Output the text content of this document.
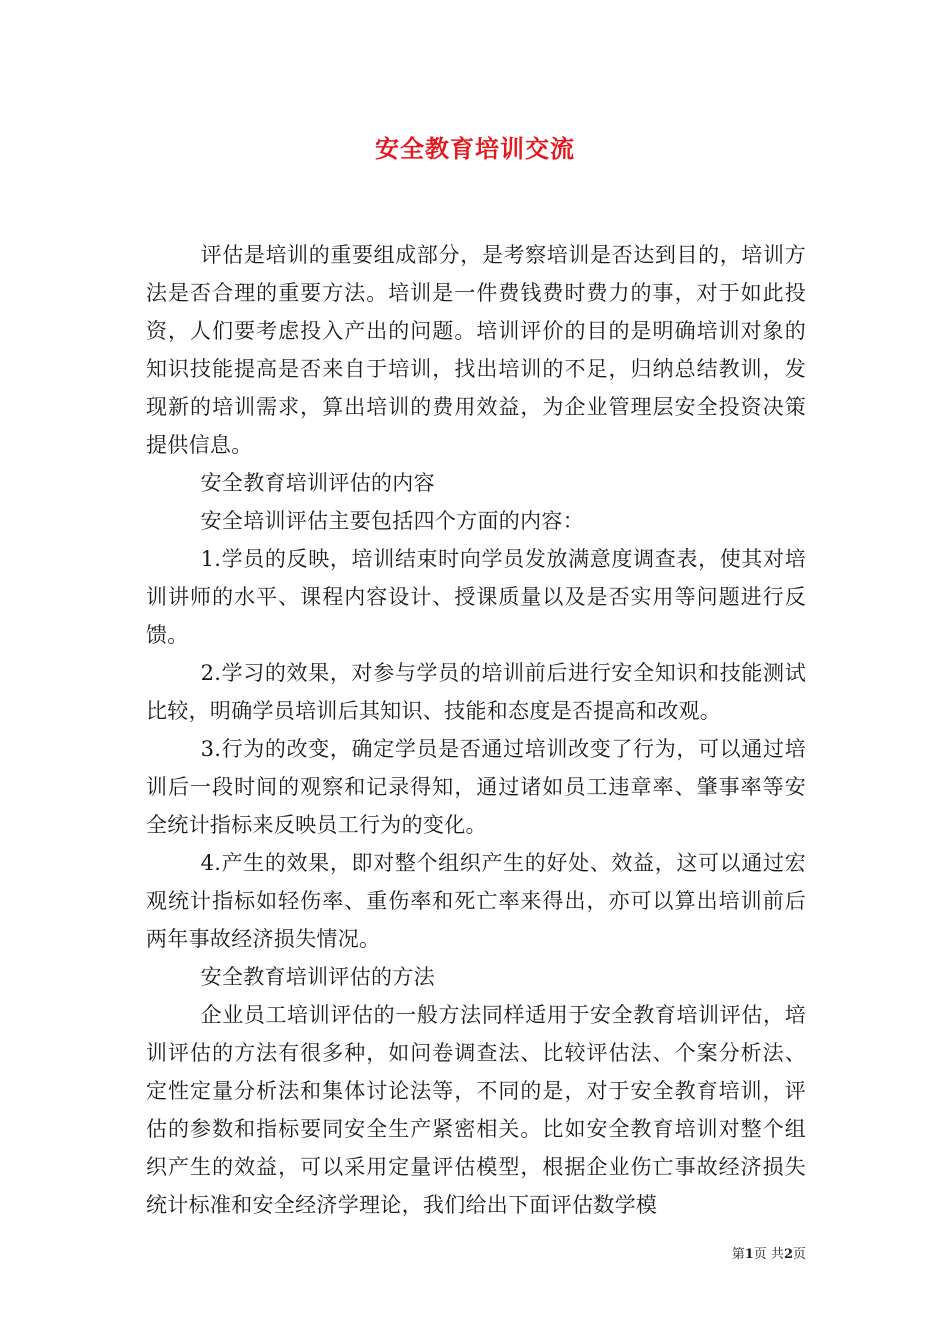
安全教育培训交流

评估是培训的重要组成部分，是考察培训是否达到目的，培训方法是否合理的重要方法。培训是一件费钱费时费力的事，对于如此投资，人们要考虑投入产出的问题。培训评价的目的是明确培训对象的知识技能提高是否来自于培训，找出培训的不足，归纳总结教训，发现新的培训需求，算出培训的费用效益，为企业管理层安全投资决策提供信息。

安全教育培训评估的内容

安全培训评估主要包括四个方面的内容：

1.学员的反映，培训结束时向学员发放满意度调查表，使其对培训讲师的水平、课程内容设计、授课质量以及是否实用等问题进行反馈。

2.学习的效果，对参与学员的培训前后进行安全知识和技能测试比较，明确学员培训后其知识、技能和态度是否提高和改观。

3.行为的改变，确定学员是否通过培训改变了行为，可以通过培训后一段时间的观察和记录得知，通过诸如员工违章率、肇事率等安全统计指标来反映员工行为的变化。

4.产生的效果，即对整个组织产生的好处、效益，这可以通过宏观统计指标如轻伤率、重伤率和死亡率来得出，亦可以算出培训前后两年事故经济损失情况。

安全教育培训评估的方法

企业员工培训评估的一般方法同样适用于安全教育培训评估，培训评估的方法有很多种，如问卷调查法、比较评估法、个案分析法、定性定量分析法和集体讨论法等，不同的是，对于安全教育培训，评估的参数和指标要同安全生产紧密相关。比如安全教育培训对整个组织产生的效益，可以采用定量评估模型，根据企业伤亡事故经济损失统计标准和安全经济学理论，我们给出下面评估数学模

第1页 共2页
